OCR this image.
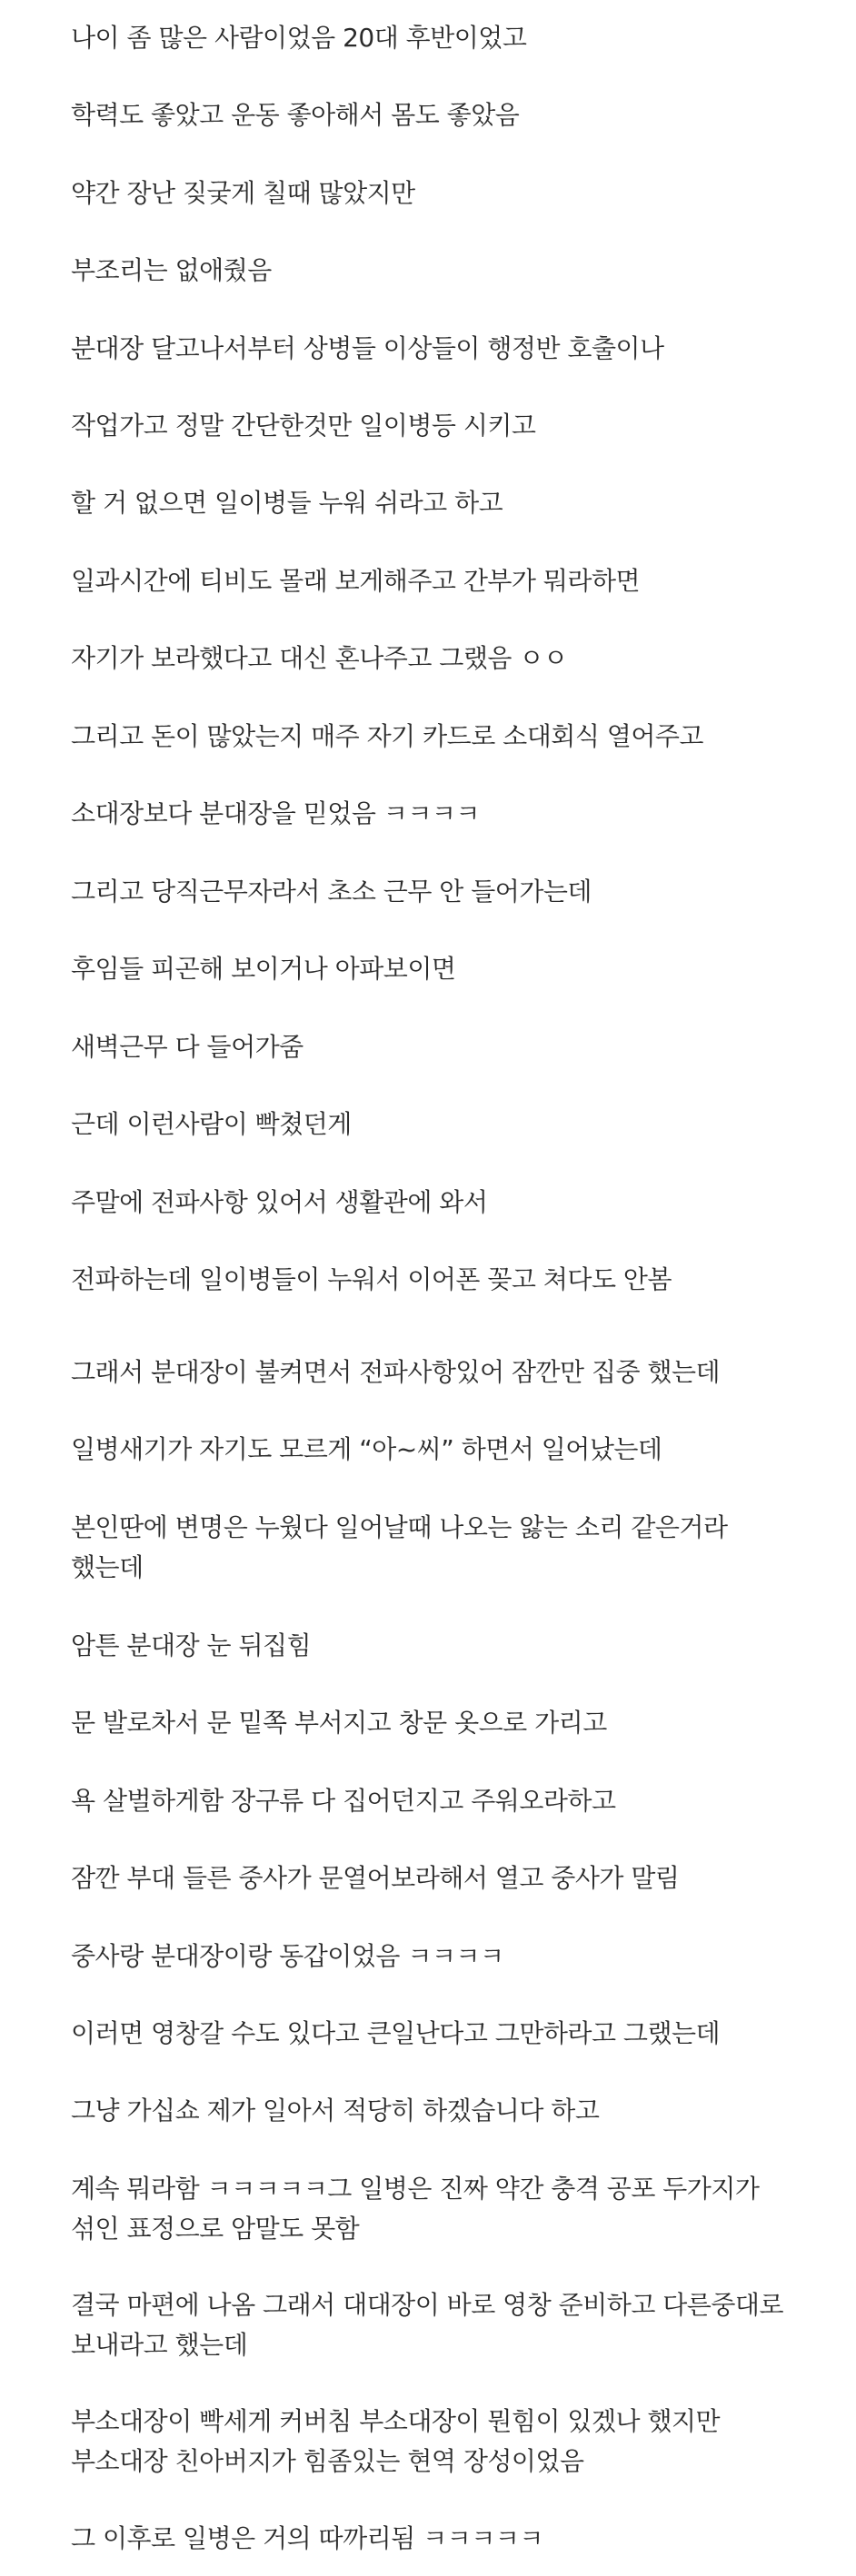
나이 좀 많은 사람이었음 20대 후반이었고

학력도 좋았고 운동 좋아해서 몸도 좋았음

약간 장난 짖궂게 칠때 많았지만

부조리는 없애줬음

분대장 달고나서부터 상병들 이상들이 행정반 호출이나

작업가고 정말 간단한것만 일이병등 시키고

할 거 없으면 일이병들 누워 쉬라고 하고

일과시간에 티비도 몰래 보게해주고 간부가 뭐라하면

자기가 보라했다고 대신 혼나주고 그랬음 ㅇㅇ

그리고 돈이 많았는지 매주 자기 카드로 소대회식 열어주고

소대장보다 분대장을 믿었음 ㅋㅋㅋㅋ

그리고 당직근무자라서 초소 근무 안 들어가는데

후임들 피곤해 보이거나 아파보이면

새벽근무 다 들어가줌

근데 이런사람이 빡쳤던게

주말에 전파사항 있어서 생활관에 와서

전파하는데 일이병들이 누워서 이어폰 꽂고 쳐다도 안봄

그래서 분대장이 불켜면서 전파사항있어 잠깐만 집중 했는데

일병새기가 자기도 모르게 “아~씨” 하면서 일어났는데

본인딴에 변명은 누웠다 일어날때 나오는 앓는 소리 같은거라 했는데

암튼 분대장 눈 뒤집힘

문 발로차서 문 밑쪽 부서지고 창문 옷으로 가리고

욕 살벌하게함 장구류 다 집어던지고 주워오라하고

잠깐 부대 들른 중사가 문열어보라해서 열고 중사가 말림

중사랑 분대장이랑 동갑이었음 ㅋㅋㅋㅋ

이러면 영창갈 수도 있다고 큰일난다고 그만하라고 그랬는데

그냥 가십쇼 제가 일아서 적당히 하겠습니다 하고

계속 뭐라함 ㅋㅋㅋㅋㅋ그 일병은 진짜 약간 충격 공포 두가지가 섞인 표정으로 암말도 못함

결국 마편에 나옴 그래서 대대장이 바로 영창 준비하고 다른중대로 보내라고 했는데

부소대장이 빡세게 커버침 부소대장이 뭔힘이 있겠나 했지만 부소대장 친아버지가 힘좀있는 현역 장성이었음

그 이후로 일병은 거의 따까리됨 ㅋㅋㅋㅋㅋ
